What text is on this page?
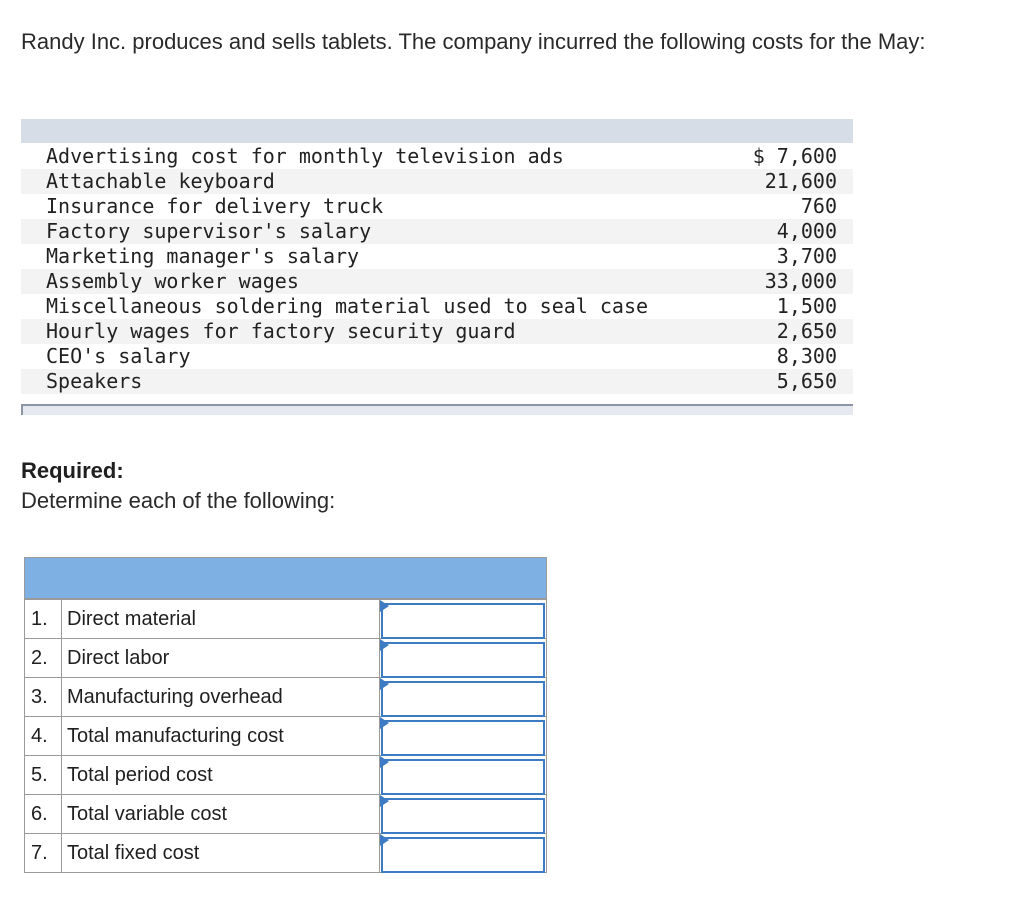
Randy Inc. produces and sells tablets. The company incurred the following costs for the May:
Advertising cost for monthly television ads	$ 7,600
Attachable keyboard	21,600
Insurance for delivery truck	760
Factory supervisor's salary	4,000
Marketing manager's salary	3,700
Assembly worker wages	33,000
Miscellaneous soldering material used to seal case	1,500
Hourly wages for factory security guard	2,650
CEO's salary	8,300
Speakers	5,650
Required:
Determine each of the following:
1. Direct material
2. Direct labor
3. Manufacturing overhead
4. Total manufacturing cost
5. Total period cost
6. Total variable cost
7. Total fixed cost
